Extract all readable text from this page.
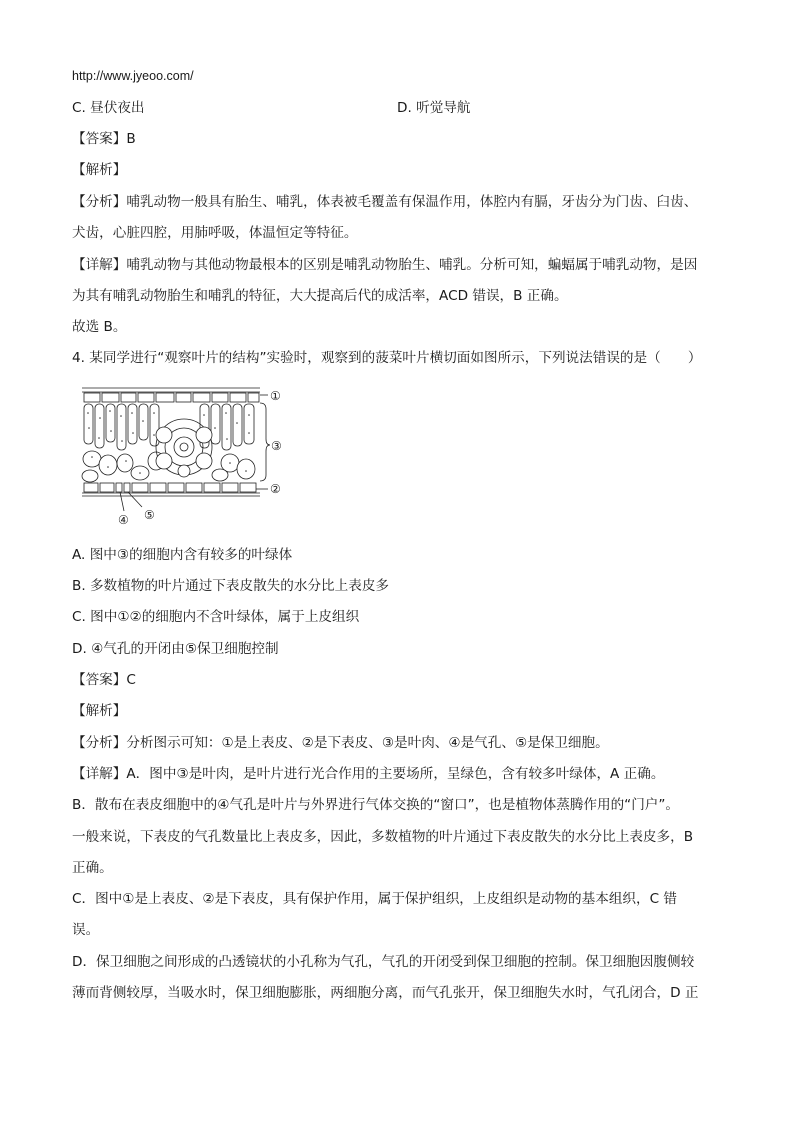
http://www.jyeoo.com/
C. 昼伏夜出	D. 听觉导航
【答案】B
【解析】
【分析】哺乳动物一般具有胎生、哺乳，体表被毛覆盖有保温作用，体腔内有膈，牙齿分为门齿、臼齿、
犬齿，心脏四腔，用肺呼吸，体温恒定等特征。
【详解】哺乳动物与其他动物最根本的区别是哺乳动物胎生、哺乳。分析可知，蝙蝠属于哺乳动物，是因
为其有哺乳动物胎生和哺乳的特征，大大提高后代的成活率，ACD 错误，B 正确。
故选 B。
4. 某同学进行“观察叶片的结构”实验时，观察到的菠菜叶片横切面如图所示，下列说法错误的是（　　）
①
③
②
④ ⑤
A. 图中③的细胞内含有较多的叶绿体
B. 多数植物的叶片通过下表皮散失的水分比上表皮多
C. 图中①②的细胞内不含叶绿体，属于上皮组织
D. ④气孔的开闭由⑤保卫细胞控制
【答案】C
【解析】
【分析】分析图示可知：①是上表皮、②是下表皮、③是叶肉、④是气孔、⑤是保卫细胞。
【详解】A．图中③是叶肉，是叶片进行光合作用的主要场所，呈绿色，含有较多叶绿体，A 正确。
B．散布在表皮细胞中的④气孔是叶片与外界进行气体交换的“窗口”，也是植物体蒸腾作用的“门户”。
一般来说，下表皮的气孔数量比上表皮多，因此，多数植物的叶片通过下表皮散失的水分比上表皮多，B
正确。
C．图中①是上表皮、②是下表皮，具有保护作用，属于保护组织，上皮组织是动物的基本组织，C 错
误。
D．保卫细胞之间形成的凸透镜状的小孔称为气孔，气孔的开闭受到保卫细胞的控制。保卫细胞因腹侧较
薄而背侧较厚，当吸水时，保卫细胞膨胀，两细胞分离，而气孔张开，保卫细胞失水时，气孔闭合，D 正
